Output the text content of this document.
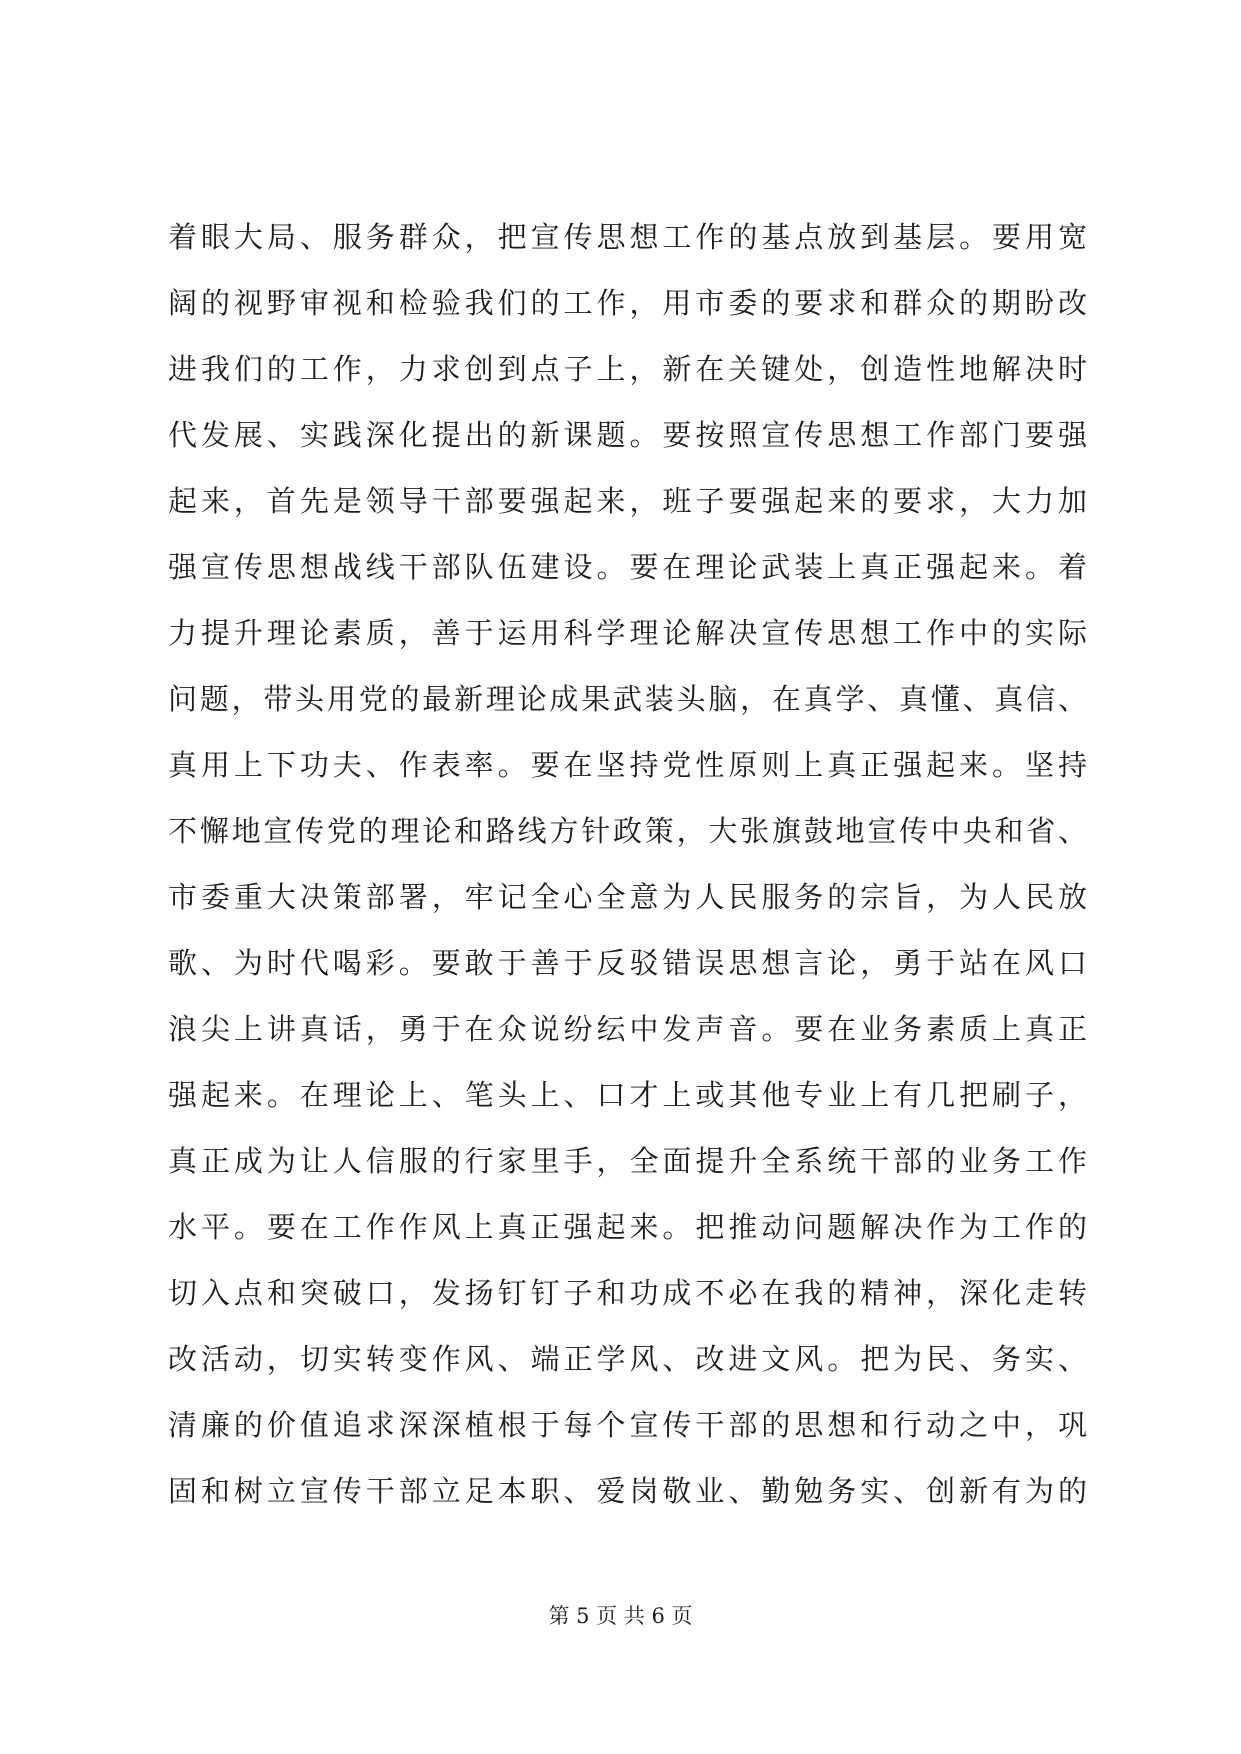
着眼大局、服务群众，把宣传思想工作的基点放到基层。要用宽
阔的视野审视和检验我们的工作，用市委的要求和群众的期盼改
进我们的工作，力求创到点子上，新在关键处，创造性地解决时
代发展、实践深化提出的新课题。要按照宣传思想工作部门要强
起来，首先是领导干部要强起来，班子要强起来的要求，大力加
强宣传思想战线干部队伍建设。要在理论武装上真正强起来。着
力提升理论素质，善于运用科学理论解决宣传思想工作中的实际
问题，带头用党的最新理论成果武装头脑，在真学、真懂、真信、
真用上下功夫、作表率。要在坚持党性原则上真正强起来。坚持
不懈地宣传党的理论和路线方针政策，大张旗鼓地宣传中央和省、
市委重大决策部署，牢记全心全意为人民服务的宗旨，为人民放
歌、为时代喝彩。要敢于善于反驳错误思想言论，勇于站在风口
浪尖上讲真话，勇于在众说纷纭中发声音。要在业务素质上真正
强起来。在理论上、笔头上、口才上或其他专业上有几把刷子，
真正成为让人信服的行家里手，全面提升全系统干部的业务工作
水平。要在工作作风上真正强起来。把推动问题解决作为工作的
切入点和突破口，发扬钉钉子和功成不必在我的精神，深化走转
改活动，切实转变作风、端正学风、改进文风。把为民、务实、
清廉的价值追求深深植根于每个宣传干部的思想和行动之中，巩
固和树立宣传干部立足本职、爱岗敬业、勤勉务实、创新有为的
第 5 页 共 6 页
